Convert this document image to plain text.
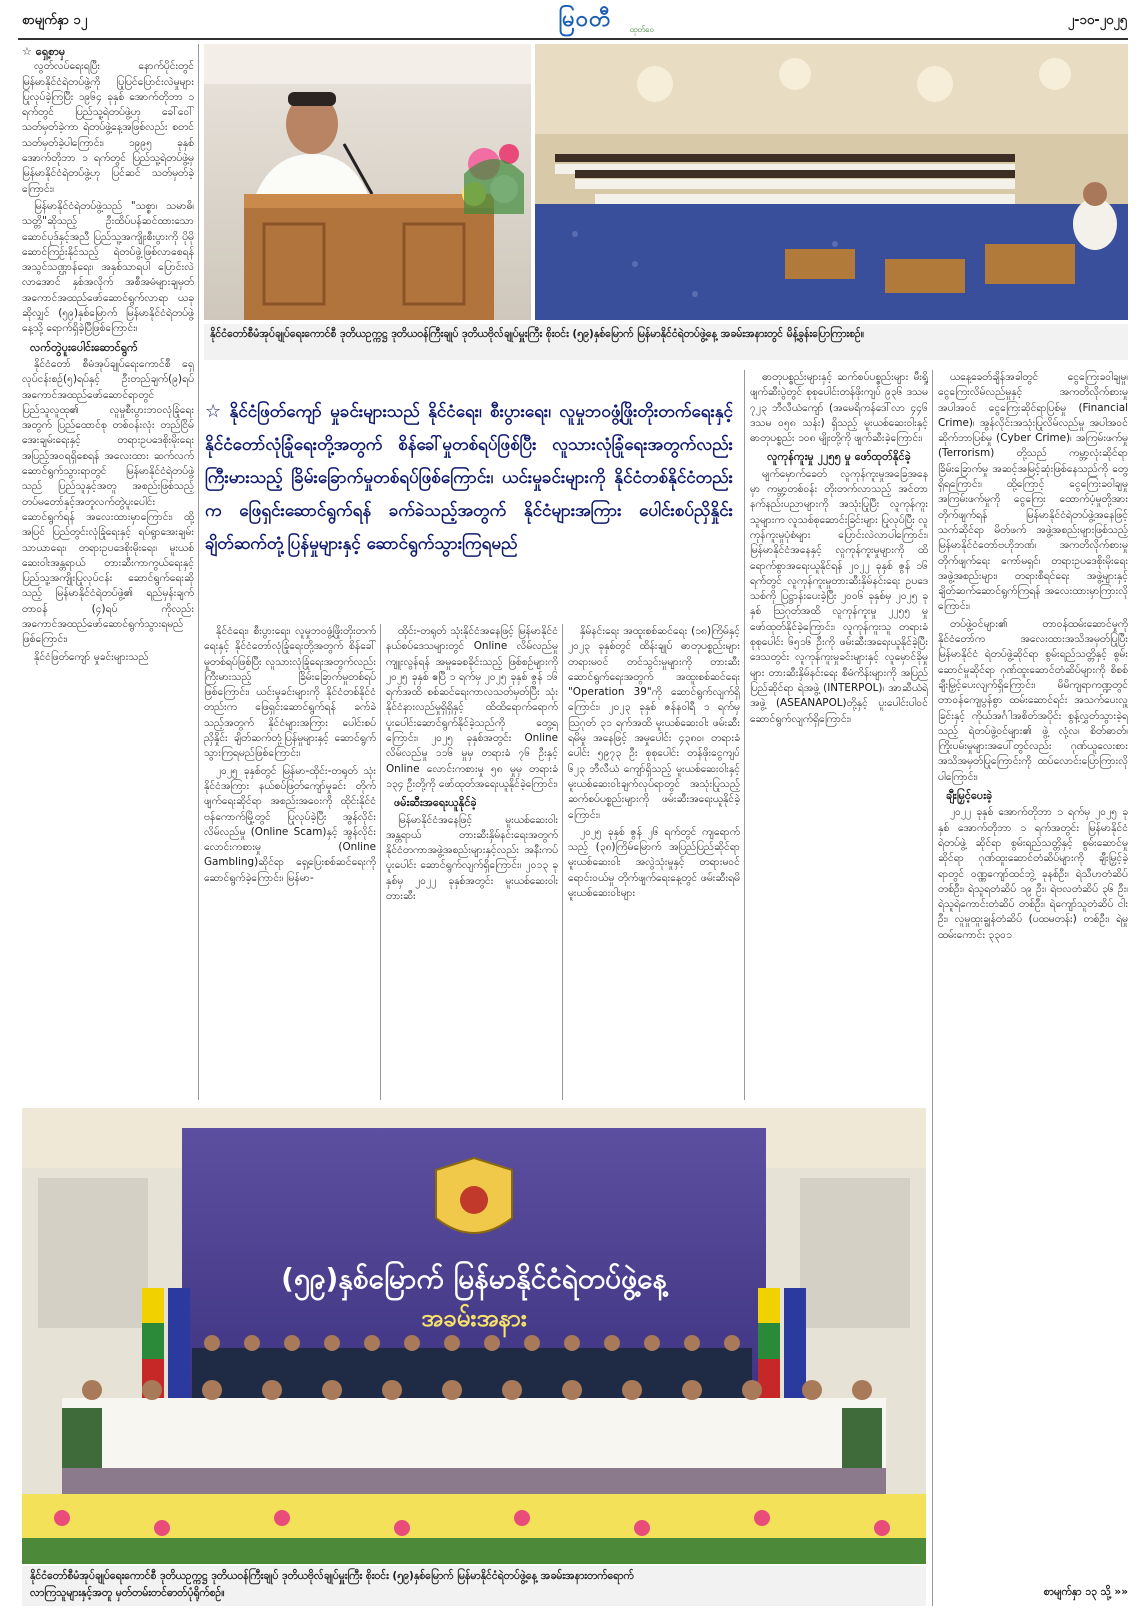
စာမျက်နှာ ၁၂	မြဝတီ ထုတ်ဝေ
၂-၁၀-၂၀၂၅
☆ ရှေ့စာမှ

လွတ်လပ်ရေးရပြီး နောက်ပိုင်းတွင် မြန်မာနိုင်ငံရဲတပ်ဖွဲ့ကို ပြုပြင်ပြောင်းလဲမှုများ ပြုလုပ်ခဲ့ကြပြီး ၁၉၆၄ ခုနှစ် အောက်တိုဘာ ၁ ရက်တွင် ပြည်သူ့ရဲတပ်ဖွဲ့ဟု ခေါ်ဝေါ်သတ်မှတ်ခဲ့ကာ ရဲတပ်ဖွဲ့နေ့အဖြစ်လည်း စတင်သတ်မှတ်ခဲ့ပါကြောင်း၊ ၁၉၉၅ ခုနှစ် အောက်တိုဘာ ၁ ရက်တွင် ပြည်သူ့ရဲတပ်ဖွဲ့မှ မြန်မာနိုင်ငံရဲတပ်ဖွဲ့ဟု ပြင်ဆင် သတ်မှတ်ခဲ့ကြောင်း၊

မြန်မာနိုင်ငံရဲတပ်ဖွဲ့သည် "သစ္စာ၊ သမာဓိ၊ သတ္တိ"ဆိုသည့် ဦးထိပ်ပန်ဆင်ထားသော ဆောင်ပုဒ်နှင့်အညီ ပြည်သူ့အကျိုးစီးပွားကို ပိုမိုဆောင်ကြဉ်းနိုင်သည့် ရဲတပ်ဖွဲ့ဖြစ်လာစေရန် အသွင်သဏ္ဌာန်ရေး၊ အနှစ်သာရပါ ပြောင်းလဲလာအောင် နှစ်အလိုက် အစီအမံများချမှတ် အကောင်အထည်ဖော်ဆောင်ရွက်လာရာ ယခုဆိုလျှင် (၅၉)နှစ်မြောက် မြန်မာနိုင်ငံရဲတပ်ဖွဲ့နေ့သို့ ရောက်ရှိခဲ့ပြီဖြစ်ကြောင်း၊

လက်တွဲပူးပေါင်းဆောင်ရွက်

နိုင်ငံတော် စီမံအုပ်ချုပ်ရေးကောင်စီ ရှေ့လုပ်ငန်းစဉ်(၅)ရပ်နှင့် ဦးတည်ချက်(၉)ရပ် အကောင်အထည်ဖော်ဆောင်ရာတွင် ပြည်သူလူထု၏ လူမှုစီးပွားဘဝလုံခြုံရေး အတွက် ပြည်ထောင်စု တစ်ဝန်းလုံး တည်ငြိမ်အေးချမ်းရေးနှင့် တရားဥပဒေစိုးမိုးရေး အပြည့်အဝရရှိစေရန် အလေးထား ဆက်လက်ဆောင်ရွက်သွားရာတွင် မြန်မာနိုင်ငံရဲတပ်ဖွဲ့သည် ပြည်သူနှင့်အတူ အစည်းဖြစ်သည့် တပ်မတော်နှင့်အတူလက်တွဲပူးပေါင်းဆောင်ရွက်ရန် အလေးထားမှာကြောင်း၊ ထို့အပြင် ပြည်တွင်းလုံခြုံရေးနှင့် ရပ်ရွာအေးချမ်းသာယာရေး၊ တရားဥပဒေစိုးမိုးရေး၊ မူးယစ်ဆေးဝါးအန္တရာယ် တားဆီးကာကွယ်ရေးနှင့် ပြည်သူ့အကျိုးပြုလုပ်ငန်း ဆောင်ရွက်ရေးဆိုသည့် မြန်မာနိုင်ငံရဲတပ်ဖွဲ့၏ ရည်မှန်းချက်တာဝန် (၄)ရပ် ကိုလည်း အကောင်အထည်ဖော်ဆောင်ရွက်သွားရမည်ဖြစ်ကြောင်း၊

နိုင်ငံဖြတ်ကျော် မှုခင်းများသည်

နိုင်ငံတော်စီမံအုပ်ချုပ်ရေးကောင်စီ ဒုတိယဥက္ကဋ္ဌ ဒုတိယဝန်ကြီးချုပ် ဒုတိယဗိုလ်ချုပ်မှူးကြီး စိုးဝင်း (၅၉)နှစ်မြောက် မြန်မာနိုင်ငံရဲတပ်ဖွဲ့နေ့ အခမ်းအနားတွင် မိန့်ခွန်းပြောကြားစဉ်။
☆ နိုင်ငံဖြတ်ကျော် မှုခင်းများသည် နိုင်ငံရေး၊ စီးပွားရေး၊ လူမှုဘဝဖွံ့ဖြိုးတိုးတက်ရေးနှင့် နိုင်ငံတော်လုံခြုံရေးတို့အတွက် စိန်ခေါ်မှုတစ်ရပ်ဖြစ်ပြီး လူသားလုံခြုံရေးအတွက်လည်း ကြီးမားသည့် ခြိမ်းခြောက်မှုတစ်ရပ်ဖြစ်ကြောင်း၊ ယင်းမှုခင်းများကို နိုင်ငံတစ်နိုင်ငံတည်းက ဖြေရှင်းဆောင်ရွက်ရန် ခက်ခဲသည့်အတွက် နိုင်ငံများအကြား ပေါင်းစပ်ညှိနှိုင်းချိတ်ဆက်တုံ့ပြန်မှုများနှင့် ဆောင်ရွက်သွားကြရမည်

နိုင်ငံရေး၊ စီးပွားရေး၊ လူမှုဘဝဖွံ့ဖြိုးတိုးတက်ရေးနှင့် နိုင်ငံတော်လုံခြုံရေးတို့အတွက် စိန်ခေါ်မှုတစ်ရပ်ဖြစ်ပြီး လူသားလုံခြုံရေးအတွက်လည်း ကြီးမားသည့် ခြိမ်းခြောက်မှုတစ်ရပ်ဖြစ်ကြောင်း၊ ယင်းမှုခင်းများကို နိုင်ငံတစ်နိုင်ငံတည်းက ဖြေရှင်းဆောင်ရွက်ရန် ခက်ခဲသည့်အတွက် နိုင်ငံများအကြား ပေါင်းစပ်ညှိနှိုင်း ချိတ်ဆက်တုံ့ပြန်မှုများနှင့် ဆောင်ရွက်သွားကြရမည်ဖြစ်ကြောင်း၊

၂၀၂၅ ခုနှစ်တွင် မြန်မာ-ထိုင်း-တရုတ် သုံးနိုင်ငံအကြား နယ်စပ်ဖြတ်ကျော်မှုခင်း တိုက်ဖျက်ရေးဆိုင်ရာ အစည်းအဝေးကို ထိုင်းနိုင်ငံ ဗန်ကောက်မြို့တွင် ပြုလုပ်ခဲ့ပြီး အွန်လိုင်းလိမ်လည်မှု (Online Scam)နှင့် အွန်လိုင်းလောင်းကစားမှု (Online Gambling)ဆိုင်ရာ ရှေ့ပြေးစစ်ဆင်ရေးကို ဆောင်ရွက်ခဲ့ကြောင်း၊ မြန်မာ-

ထိုင်း-တရုတ် သုံးနိုင်ငံအနေဖြင့် မြန်မာနိုင်ငံ နယ်စပ်ဒေသများတွင် Online လိမ်လည်မှု ကျူးလွန်ရန် အမှုခေစခိုင်းသည့် ဖြစ်စဉ်များကို ၂၀၂၅ ခုနှစ် ဧပြီ ၁ ရက်မှ ၂၀၂၅ ခုနှစ် ဇွန် ၁၆ ရက်အထိ စစ်ဆင်ရေးကာလသတ်မှတ်ပြီး သုံးနိုင်ငံနားလည်မှုရှိရှိနှင့် ထိထိရောက်ရောက်ပူးပေါင်းဆောင်ရွက်နိုင်ခဲ့သည်ကို တွေ့ရကြောင်း၊ ၂၀၂၅ ခုနှစ်အတွင်း Online လိမ်လည်မှု ၁၁၆ မှုမှ တရားခံ ၇၆ ဦးနှင့် Online လောင်းကစားမှု ၅၈ မှုမှ တရားခံ ၁၃၄ ဦးတို့ကို ဖော်ထုတ်အရေးယူနိုင်ခဲ့ကြောင်း၊

ဖမ်းဆီးအရေးယူနိုင်ခဲ့

မြန်မာနိုင်ငံအနေဖြင့် မူးယစ်ဆေးဝါးအန္တရာယ် တားဆီးနှိမ်နင်းရေးအတွက် နိုင်ငံတကာအဖွဲ့အစည်းများနှင့်လည်း အနီးကပ်ပူးပေါင်း ဆောင်ရွက်လျက်ရှိကြောင်း၊ ၂၀၁၃ ခုနှစ်မှ ၂၀၂၂ ခုနှစ်အတွင်း မူးယစ်ဆေးဝါးတားဆီး

နှိမ်နင်းရေး အထူးစစ်ဆင်ရေး (၁၈)ကြိမ်နှင့် ၂၀၂၃ ခုနှစ်တွင် ထိန်းချုပ် ဓာတုပစ္စည်းများ တရားမဝင် တင်သွင်းမှုများကို တားဆီးဆောင်ရွက်ရေးအတွက် အထူးစစ်ဆင်ရေး "Operation 39"ကို ဆောင်ရွက်လျက်ရှိကြောင်း၊ ၂၀၂၃ ခုနှစ် ဇန်နဝါရီ ၁ ရက်မှ ဩဂုတ် ၃၁ ရက်အထိ မူးယစ်ဆေးဝါး ဖမ်းဆီးရမိမှု အနေဖြင့် အမှုပေါင်း ၄၃၈၀၊ တရားခံပေါင်း ၅၉၇၃ ဦး စုစုပေါင်း တန်ဖိုးငွေကျပ် ၆၂၃ ဘီလီယံ ကျော်ရှိသည့် မူးယစ်ဆေးဝါးနှင့် မူးယစ်ဆေးဝါးချက်လုပ်ရာတွင် အသုံးပြုသည့် ဆက်စပ်ပစ္စည်းများကို ဖမ်းဆီးအရေးယူနိုင်ခဲ့ကြောင်း၊

၂၀၂၅ ခုနှစ် ဇွန် ၂၆ ရက်တွင် ကျရောက်သည့် (၃၈)ကြိမ်မြောက် အပြည်ပြည်ဆိုင်ရာ မူးယစ်ဆေးဝါး အလွဲသုံးမှုနှင့် တရားမဝင် ရောင်းဝယ်မှု တိုက်ဖျက်ရေးနေ့တွင် ဖမ်းဆီးရမိ မူးယစ်ဆေးဝါးများ

ဓာတုပစ္စည်းများနှင့် ဆက်စပ်ပစ္စည်းများ မီးရှို့ဖျက်ဆီးပွဲတွင် စုစုပေါင်းတန်ဖိုးကျပ် ၉၃၆ ဒသမ ၇၂၃ ဘီလီယံကျော် (အမေရိကန်ဒေါ်လာ ၄၄၆ ဒသမ ၀၅၈ သန်း) ရှိသည့် မူးယစ်ဆေးဝါးနှင့် ဓာတုပစ္စည်း ၁၀၈ မျိုးတို့ကို ဖျက်ဆီးခဲ့ကြောင်း၊

လူကုန်ကူးမှု ၂၂၅၅ မှု ဖော်ထုတ်နိုင်ခဲ့

မျက်မှောက်ခေတ် လူကုန်ကူးမှုအခြေအနေမှာ ကမ္ဘာ့တစ်ဝန်း တိုးတက်လာသည့် အင်တာနက်နည်းပညာများကို အသုံးပြုပြီး လူကုန်ကူးသူများက လူသစ်စုဆောင်းခြင်းများ ပြုလုပ်ပြီး လူကုန်ကူးမှုပုံစံများ ပြောင်းလဲလာပါကြောင်း၊ မြန်မာနိုင်ငံအနေနှင့် လူကုန်ကူးမှုများကို ထိရောက်စွာအရေးယူနိုင်ရန် ၂၀၂၂ ခုနှစ် ဇွန် ၁၆ ရက်တွင် လူကုန်ကူးမှုတားဆီးနှိမ်နင်းရေး ဥပဒေသစ်ကို ပြဋ္ဌာန်းပေးခဲ့ပြီး ၂၀၀၆ ခုနှစ်မှ ၂၀၂၅ ခုနှစ် ဩဂုတ်အထိ လူကုန်ကူးမှု ၂၂၅၅ မှု ဖော်ထုတ်နိုင်ခဲ့ကြောင်း၊ လူကုန်ကူးသူ တရားခံ စုစုပေါင်း ၆၅၁၆ ဦးကို ဖမ်းဆီးအရေးယူနိုင်ခဲ့ပြီး ဒေသတွင်း လူကုန်ကူးမှုခင်းများနှင့် လူမှောင်ခိုမှုများ တားဆီးနှိမ်နင်းရေး စီမံကိန်းများကို အပြည်ပြည်ဆိုင်ရာ ရဲအဖွဲ့ (INTERPOL)၊ အာဆီယံရဲအဖွဲ့ (ASEANAPOL)တို့နှင့် ပူးပေါင်းပါဝင်ဆောင်ရွက်လျက်ရှိကြောင်း၊

ယနေ့ခေတ်ချိန်အခါတွင် ငွေကြေးခဝါချမှု၊ ငွေကြေးလိမ်လည်မှုနှင့် အကတိလိုက်စားမှု အပါအဝင် ငွေကြေးဆိုင်ရာပြစ်မှု (Financial Crime)၊ အွန်လိုင်းအသုံးပြုလိမ်လည်မှု အပါအဝင် ဆိုက်ဘာပြစ်မှု (Cyber Crime)၊ အကြမ်းဖက်မှု (Terrorism) တို့သည် ကမ္ဘာ့လုံးဆိုင်ရာ ခြိမ်းခြောက်မှု အဆင့်အမြင့်ဆုံးဖြစ်နေသည်ကို တွေ့ရှိရကြောင်း၊ ထို့ကြောင့် ငွေကြေးခဝါချမှု အကြမ်းဖက်မှုကို ငွေကြေး ထောက်ပံ့မှုတို့အား တိုက်ဖျက်ရန် မြန်မာနိုင်ငံရဲတပ်ဖွဲ့အနေဖြင့် သက်ဆိုင်ရာ မိတ်ဖက် အဖွဲ့အစည်းများဖြစ်သည့် မြန်မာနိုင်ငံတော်ဗဟိုဘဏ်၊ အကတိလိုက်စားမှုတိုက်ဖျက်ရေး ကော်မရှင်၊ တရားဥပဒေစိုးမိုးရေး အဖွဲ့အစည်းများ၊ တရားစီရင်ရေး အဖွဲ့များနှင့် ချိတ်ဆက်ဆောင်ရွက်ကြရန် အလေးထားမှာကြားလိုကြောင်း၊

တပ်ဖွဲ့ဝင်များ၏ တာဝန်ထမ်းဆောင်မှုကို နိုင်ငံတော်က အလေးထားအသိအမှတ်ပြုပြီး မြန်မာနိုင်ငံ ရဲတပ်ဖွဲ့ဆိုင်ရာ စွမ်းရည်သတ္တိနှင့် စွမ်းဆောင်မှုဆိုင်ရာ ဂုဏ်ထူးဆောင်တံဆိပ်များကို စိစစ်ချီးမြှင့်ပေးလျက်ရှိကြောင်း၊ မိမိကျရာကဏ္ဍတွင် တာဝန်ကျေပွန်စွာ ထမ်းဆောင်ရင်း အသက်ပေးလှူခြင်းနှင့် ကိုယ်အင်္ဂါအစိတ်အပိုင်း စွန့်လွှတ်သွားခဲ့ရသည့် ရဲတပ်ဖွဲ့ဝင်များ၏ ဖွဲ့ လုံ့လ၊ စိတ်ဓာတ်၊ ကြိုးပမ်းမှုများအပေါ်တွင်လည်း ဂုဏ်ယူလေးစား အသိအမှတ်ပြုကြောင်းကို ထပ်လောင်းပြောကြားလိုပါကြောင်း၊

ချီးမြှင့်ပေးခဲ့

၂၀၂၂ ခုနှစ် အောက်တိုဘာ ၁ ရက်မှ ၂၀၂၅ ခုနှစ် အောက်တိုဘာ ၁ ရက်အတွင်း မြန်မာနိုင်ငံရဲတပ်ဖွဲ့ ဆိုင်ရာ စွမ်းရည်သတ္တိနှင့် စွမ်းဆောင်မှုဆိုင်ရာ ဂုဏ်ထူးဆောင်တံဆိပ်များကို ချီးမြှင့်ခဲ့ရာတွင် ဝဏ္ဏကျော်ထင်ဘွဲ့ ခုနစ်ဦး၊ ရဲသီဟတံဆိပ် တစ်ဦး၊ ရဲသူရတံဆိပ် ၁၉ ဦး၊ ရဲဗလတံဆိပ် ၃၆ ဦး၊ ရဲသူရဲကောင်းတံဆိပ် တစ်ဦး၊ ရဲကျော်သူတံဆိပ် ငါးဦး၊ လူမှုထူးချွန်တံဆိပ် (ပထမတန်း) တစ်ဦး၊ ရဲမှုထမ်းကောင်း ၃၃၀၁

စာမျက်နှာ ၁၃ သို့ »»
(၅၉)နှစ်မြောက် မြန်မာနိုင်ငံရဲတပ်ဖွဲ့နေ့
အခမ်းအနား
နိုင်ငံတော်စီမံအုပ်ချုပ်ရေးကောင်စီ ဒုတိယဥက္ကဋ္ဌ ဒုတိယဝန်ကြီးချုပ် ဒုတိယဗိုလ်ချုပ်မှူးကြီး စိုးဝင်း (၅၉)နှစ်မြောက် မြန်မာနိုင်ငံရဲတပ်ဖွဲ့နေ့ အခမ်းအနားတက်ရောက်
လာကြသူများနှင့်အတူ မှတ်တမ်းတင်ဓာတ်ပုံရိုက်စဉ်။
